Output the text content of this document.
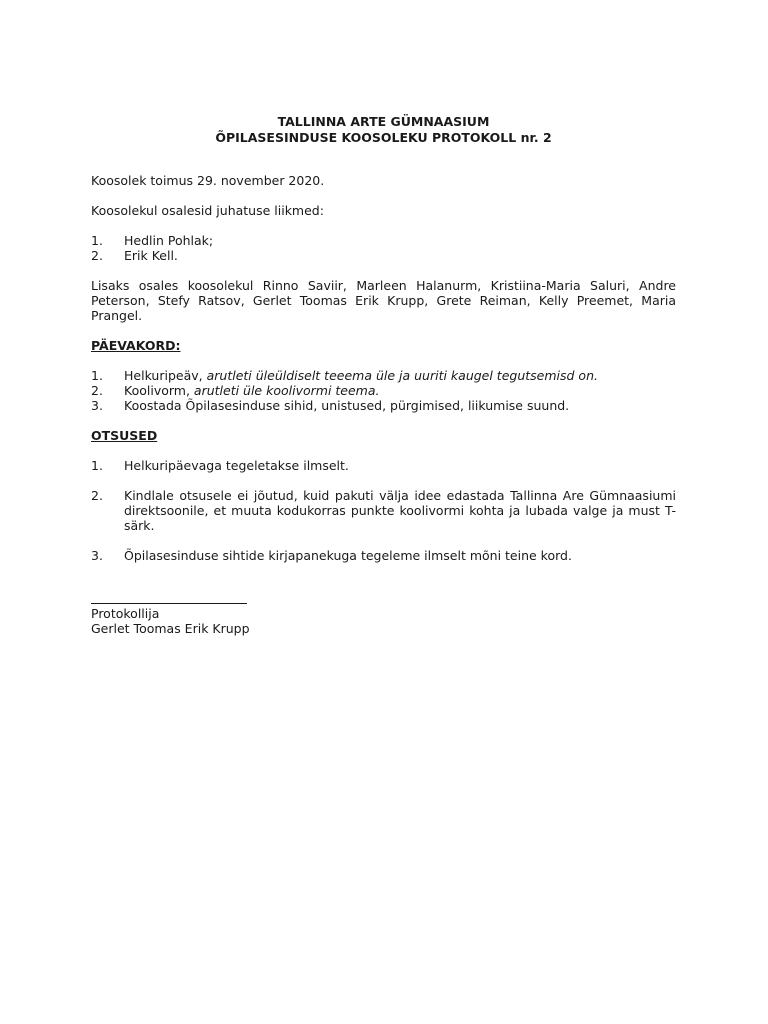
TALLINNA ARTE GÜMNAASIUM
ÕPILASESINDUSE KOOSOLEKU PROTOKOLL nr. 2

Koosolek toimus 29. november 2020.

Koosolekul osalesid juhatuse liikmed:

1.	Hedlin Pohlak;
2.	Erik Kell.

Lisaks osales koosolekul Rinno Saviir, Marleen Halanurm, Kristiina-Maria Saluri, Andre Peterson, Stefy Ratsov, Gerlet Toomas Erik Krupp, Grete Reiman, Kelly Preemet, Maria Prangel.

PÄEVAKORD:

1.	Helkuripeäv, arutleti üleüldiselt teeema üle ja uuriti kaugel tegutsemisd on.
2.	Koolivorm, arutleti üle koolivormi teema.
3.	Koostada Õpilasesinduse sihid, unistused, pürgimised, liikumise suund.

OTSUSED

1.	Helkuripäevaga tegeletakse ilmselt.
2.	Kindlale otsusele ei jõutud, kuid pakuti välja idee edastada Tallinna Are Gümnaasiumi direktsoonile, et muuta kodukorras punkte koolivormi kohta ja lubada valge ja must T-särk.
3.	Õpilasesinduse sihtide kirjapanekuga tegeleme ilmselt mõni teine kord.

Protokollija

Gerlet Toomas Erik Krupp
